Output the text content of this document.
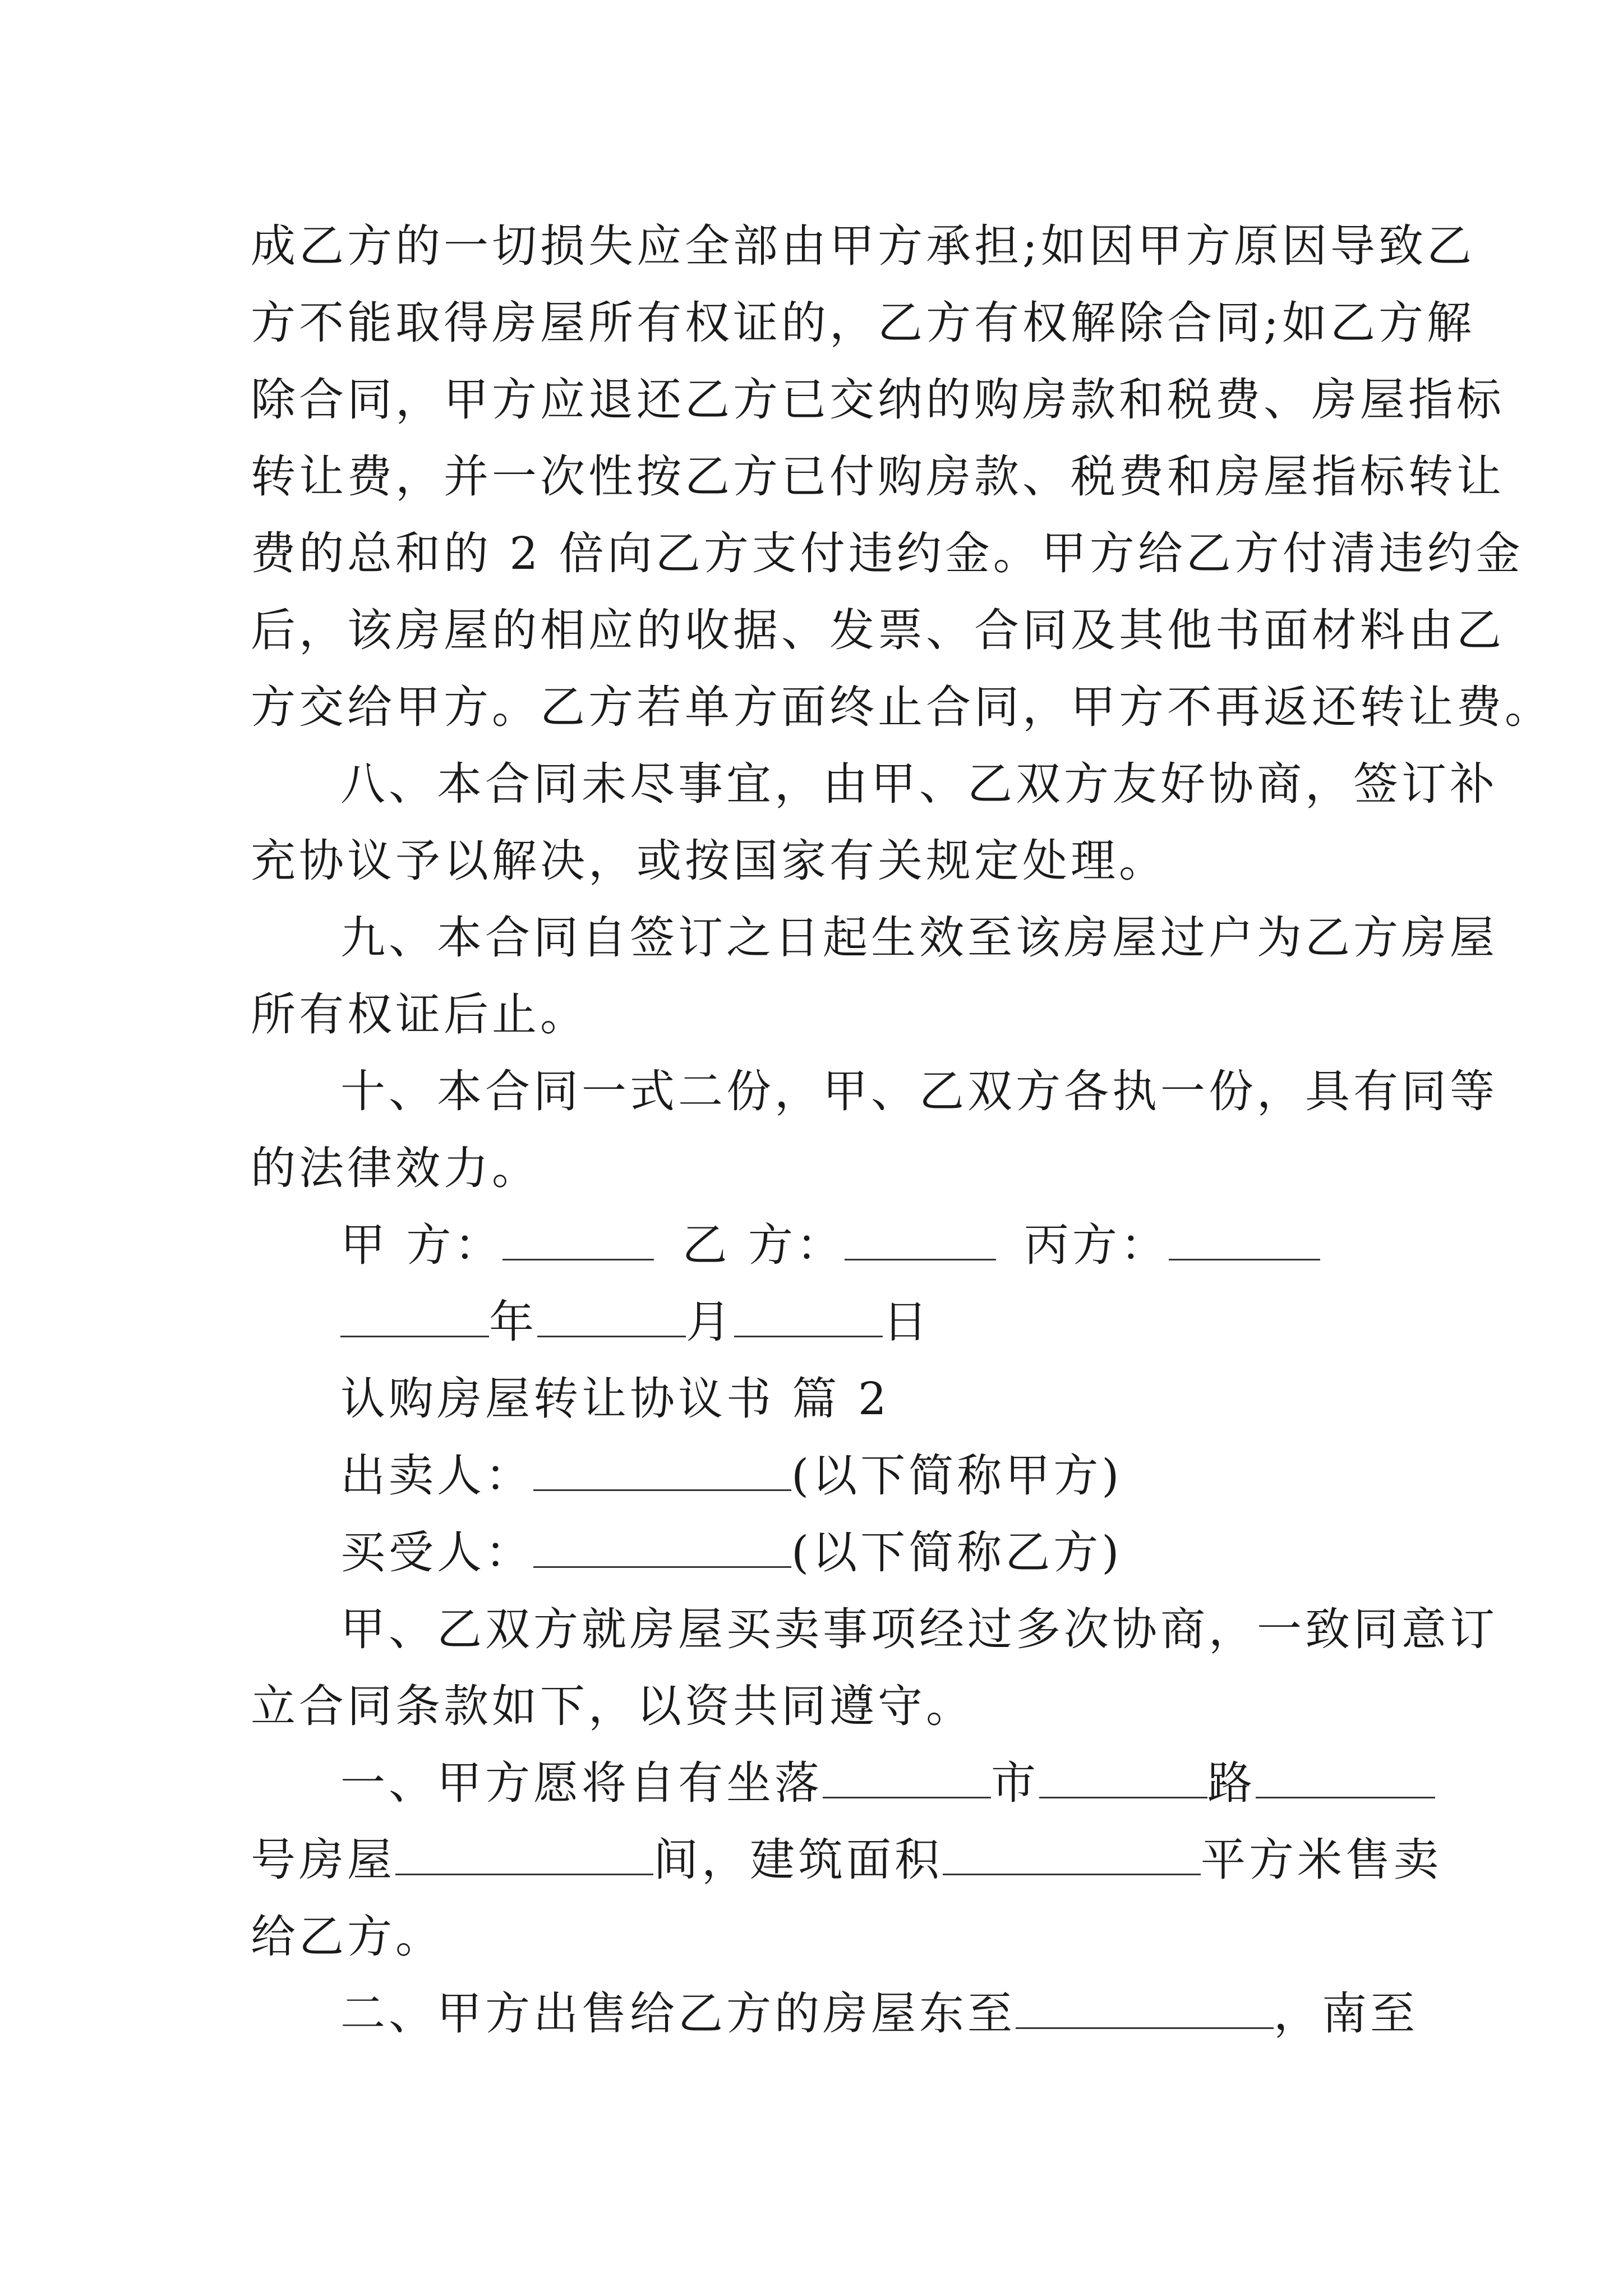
成乙方的一切损失应全部由甲方承担;如因甲方原因导致乙
方不能取得房屋所有权证的，乙方有权解除合同;如乙方解
除合同，甲方应退还乙方已交纳的购房款和税费、房屋指标
转让费，并一次性按乙方已付购房款、税费和房屋指标转让
费的总和的 2 倍向乙方支付违约金。甲方给乙方付清违约金
后，该房屋的相应的收据、发票、合同及其他书面材料由乙
方交给甲方。乙方若单方面终止合同，甲方不再返还转让费。
八、本合同未尽事宜，由甲、乙双方友好协商，签订补
充协议予以解决，或按国家有关规定处理。
九、本合同自签订之日起生效至该房屋过户为乙方房屋
所有权证后止。
十、本合同一式二份，甲、乙双方各执一份，具有同等
的法律效力。
甲 方：	乙 方：	丙方：
年	月	日
认购房屋转让协议书 篇 2
出卖人：	(以下简称甲方)
买受人：	(以下简称乙方)
甲、乙双方就房屋买卖事项经过多次协商，一致同意订
立合同条款如下，以资共同遵守。
一、甲方愿将自有坐落	市	路
号房屋	间，建筑面积	平方米售卖
给乙方。
二、甲方出售给乙方的房屋东至	，南至
